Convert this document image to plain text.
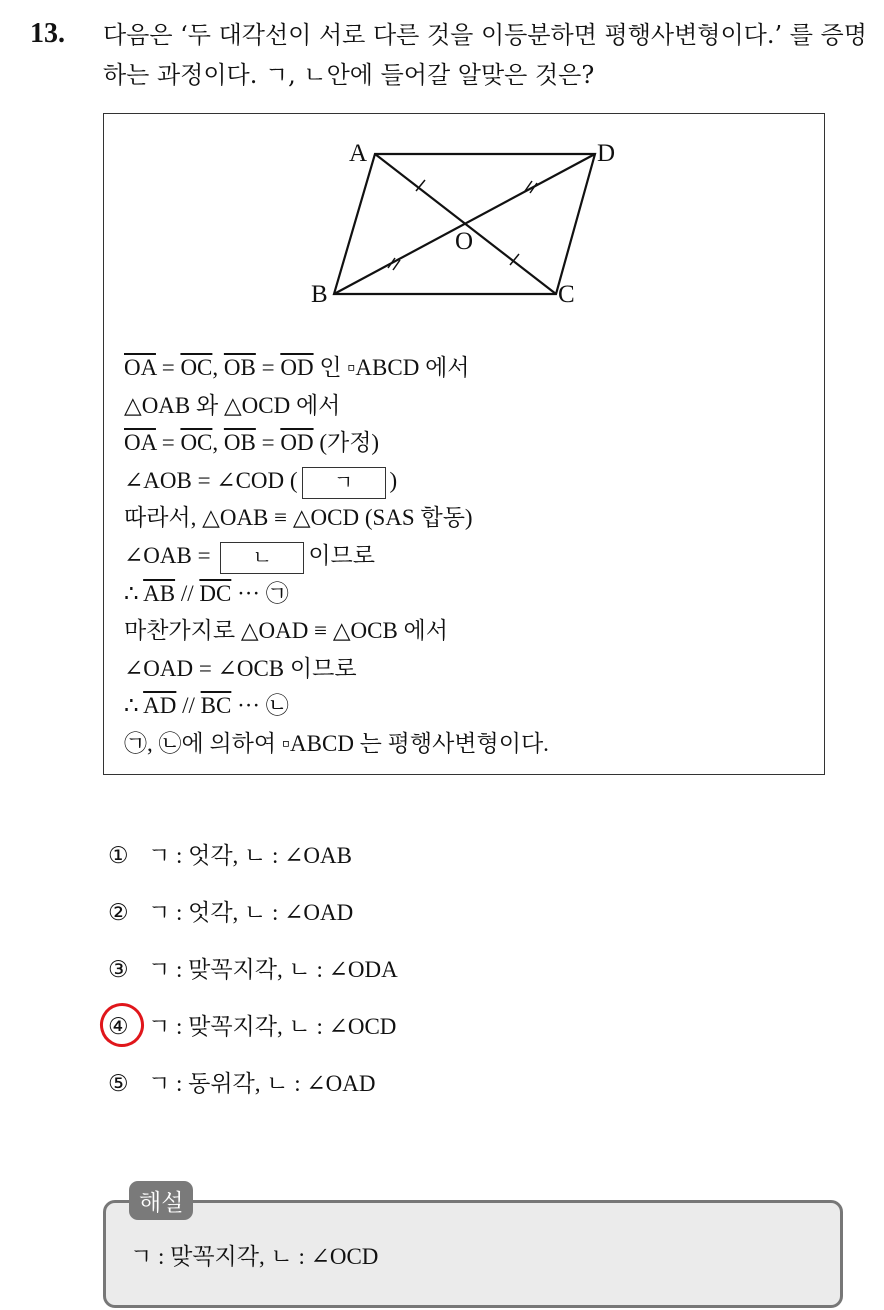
13. 다음은 ‘두 대각선이 서로 다른 것을 이등분하면 평행사변형이다.’ 를 증명하는 과정이다. ㄱ, ㄴ안에 들어갈 알맞은 것은?
A	D
O
B	C
$\overline{OA} = \overline{OC}$, $\overline{OB} = \overline{OD}$ 인 ▫ABCD 에서
△OAB 와 △OCD 에서
$\overline{OA} = \overline{OC}$, $\overline{OB} = \overline{OD}$ (가정)
∠AOB = ∠COD ( ㄱ )
따라서, △OAB ≡ △OCD (SAS 합동)
∠OAB = ㄴ 이므로
∴ $\overline{AB} // \overline{DC}$ ··· ㉠
마찬가지로 △OAD ≡ △OCB 에서
∠OAD = ∠OCB 이므로
∴ $\overline{AD} // \overline{BC}$ ··· ㉡
㉠, ㉡에 의하여 ▫ABCD 는 평행사변형이다.
① ㄱ : 엇각, ㄴ : ∠OAB
② ㄱ : 엇각, ㄴ : ∠OAD
③ ㄱ : 맞꼭지각, ㄴ : ∠ODA
④ ㄱ : 맞꼭지각, ㄴ : ∠OCD
⑤ ㄱ : 동위각, ㄴ : ∠OAD
해설
ㄱ : 맞꼭지각, ㄴ : ∠OCD
